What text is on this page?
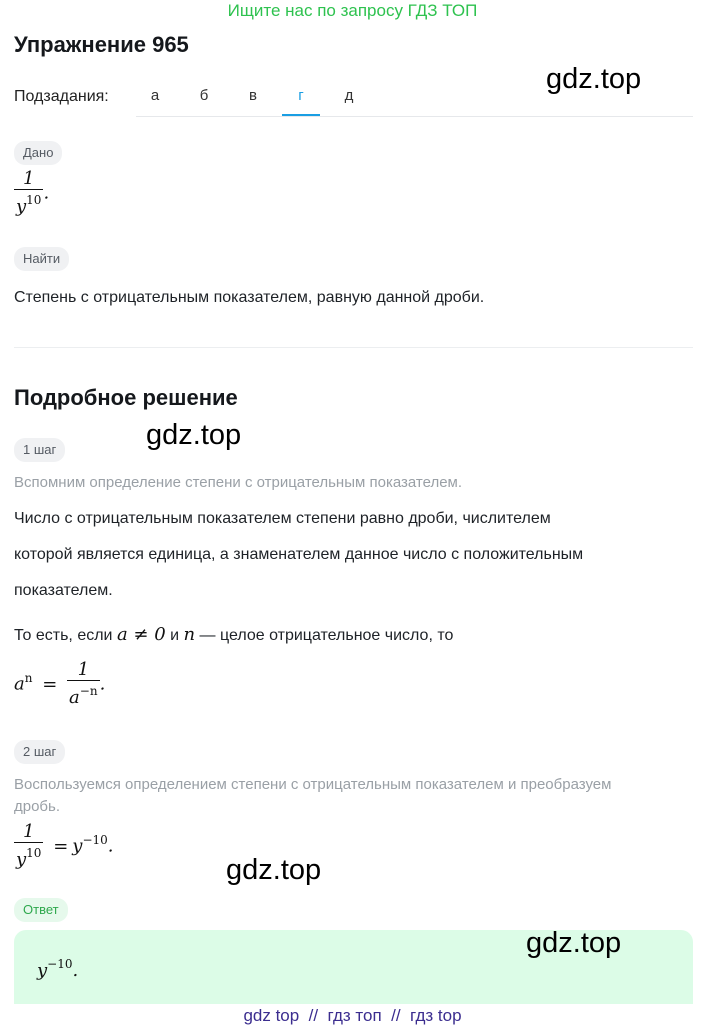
Ищите нас по запросу ГДЗ ТОП
Упражнение 965
gdz.top
Подзадания:	а	б	в	г	д
Дано
$\frac{1}{y^{10}}$ .
Найти
Степень с отрицательным показателем, равную данной дроби.
Подробное решение
gdz.top
1 шаг
Вспомним определение степени с отрицательным показателем.
Число с отрицательным показателем степени равно дроби, числителем
которой является единица, а знаменателем данное число с положительным
показателем.
То есть, если a ≠ 0 и n — целое отрицательное число, то
$a^n = \frac{1}{a^{-n}}$ .
2 шаг
Воспользуемся определением степени с отрицательным показателем и преобразуем
дробь.
$\frac{1}{y^{10}} = y^{-10}$.
gdz.top
Ответ
gdz.top
$y^{-10}$.
gdz top  //  гдз топ  //  гдз top
